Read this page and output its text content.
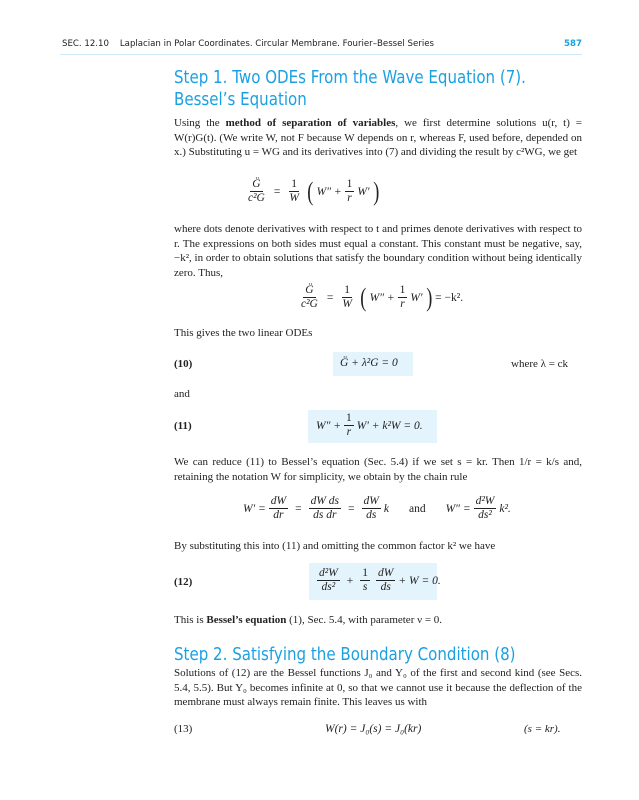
SEC. 12.10 Laplacian in Polar Coordinates. Circular Membrane. Fourier–Bessel Series	587
Step 1. Two ODEs From the Wave Equation (7).
Bessel’s Equation
Using the method of separation of variables, we first determine solutions u(r, t) = W(r)G(t). (We write W, not F because W depends on r, whereas F, used before, depended on x.) Substituting u = WG and its derivatives into (7) and dividing the result by c²WG, we get
$\frac{G̈}{\text{c²G}} = \frac{1}{W}$ ( $W'' + \frac{1}{r} W'$ )
where dots denote derivatives with respect to t and primes denote derivatives with respect to r. The expressions on both sides must equal a constant. This constant must be negative, say, −k², in order to obtain solutions that satisfy the boundary condition without being identically zero. Thus,
$\frac{G̈}{\text{c²G}} = \frac{1}{W}$ ( $W'' + \frac{1}{r} W'$ ) = −k².
This gives the two linear ODEs
(10)	G̈ + λ²G = 0	where λ = ck
and
(11)	$W'' + \frac{1}{r} W' + k^2W = 0$.
We can reduce (11) to Bessel’s equation (Sec. 5.4) if we set s = kr. Then 1/r = k/s and, retaining the notation W for simplicity, we obtain by the chain rule
$W' = \frac{dW}{dr} = \frac{\text{dW ds}}{\text{ds dr}} = \frac{dW}{ds}$ k and $W'' = \frac{\text{d²W}}{\text{ds²}} k^2$.
By substituting this into (11) and omitting the common factor k² we have
(12)	$\frac{\text{d²W}}{\text{ds²}} + \frac{1}{s} \frac{dW}{ds} + W = 0$.
This is Bessel’s equation (1), Sec. 5.4, with parameter ν = 0.
Step 2. Satisfying the Boundary Condition (8)
Solutions of (12) are the Bessel functions J₀ and Y₀ of the first and second kind (see Secs. 5.4, 5.5). But Y₀ becomes infinite at 0, so that we cannot use it because the deflection of the membrane must always remain finite. This leaves us with
(13)	W(r) = J₀(s) = J₀(kr)	(s = kr).
